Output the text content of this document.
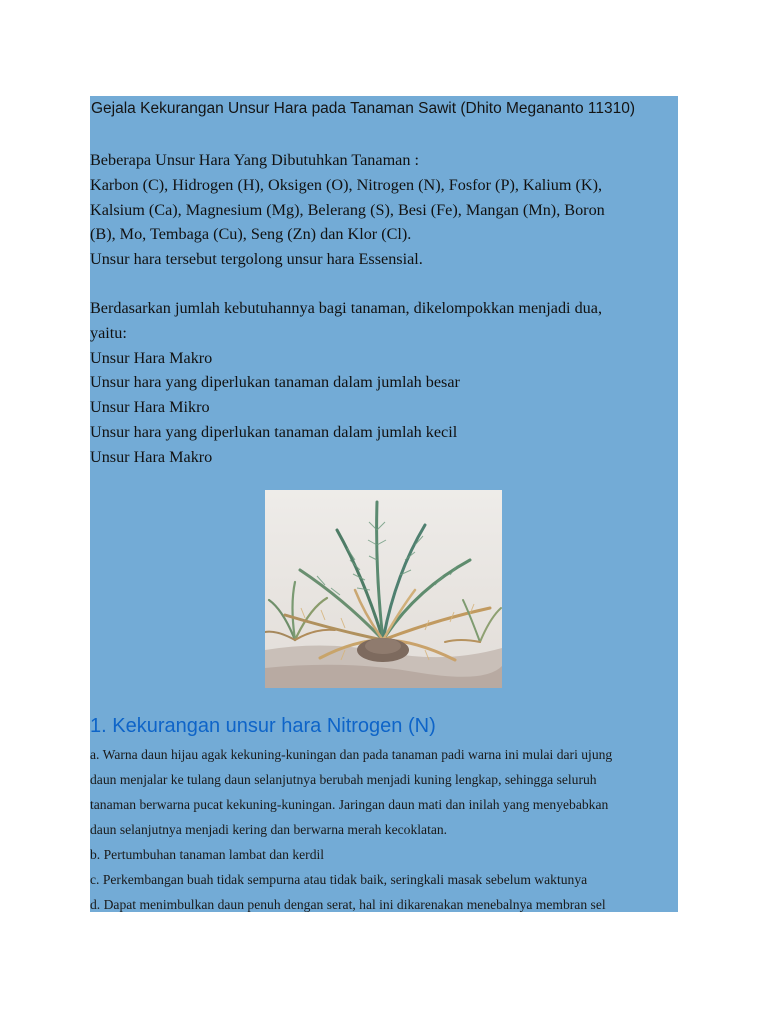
Gejala Kekurangan Unsur Hara pada Tanaman Sawit (Dhito Megananto 11310)
Beberapa Unsur Hara Yang Dibutuhkan Tanaman :
Karbon (C), Hidrogen (H), Oksigen (O), Nitrogen (N), Fosfor (P), Kalium (K),
Kalsium (Ca), Magnesium (Mg), Belerang (S), Besi (Fe), Mangan (Mn), Boron
(B), Mo, Tembaga (Cu), Seng (Zn) dan Klor (Cl).
Unsur hara tersebut tergolong unsur hara Essensial.
Berdasarkan jumlah kebutuhannya bagi tanaman, dikelompokkan menjadi dua,
yaitu:
Unsur Hara Makro
Unsur hara yang diperlukan tanaman dalam jumlah besar
Unsur Hara Mikro
Unsur hara yang diperlukan tanaman dalam jumlah kecil
Unsur Hara Makro
1. Kekurangan unsur hara Nitrogen (N)
a. Warna daun hijau agak kekuning-kuningan dan pada tanaman padi warna ini mulai dari ujung
daun menjalar ke tulang daun selanjutnya berubah menjadi kuning lengkap, sehingga seluruh
tanaman berwarna pucat kekuning-kuningan. Jaringan daun mati dan inilah yang menyebabkan
daun selanjutnya menjadi kering dan berwarna merah kecoklatan.
b. Pertumbuhan tanaman lambat dan kerdil
c. Perkembangan buah tidak sempurna atau tidak baik, seringkali masak sebelum waktunya
d. Dapat menimbulkan daun penuh dengan serat, hal ini dikarenakan menebalnya membran sel
